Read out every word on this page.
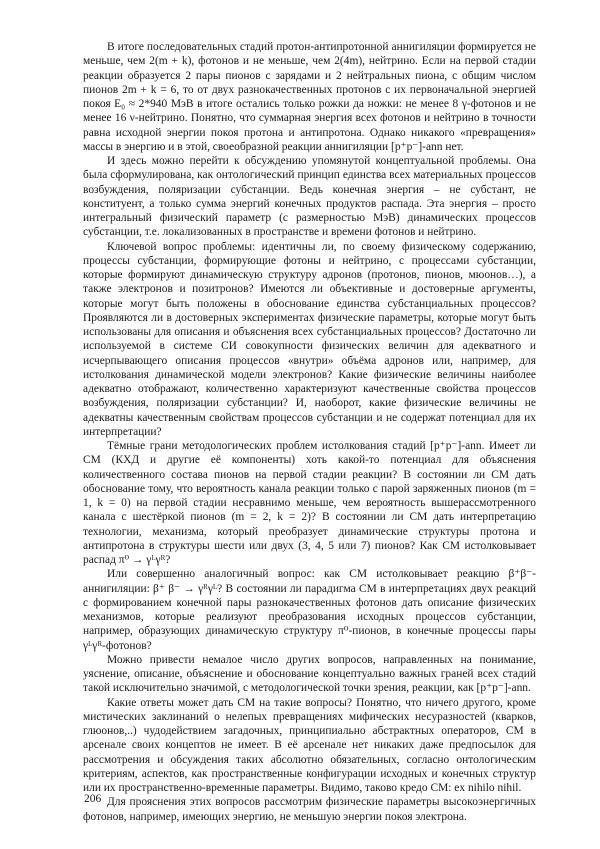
В итоге последовательных стадий протон-антипротонной аннигиляции формируется не меньше, чем 2(m + k), фотонов и не меньше, чем 2(4m), нейтрино. Если на первой стадии реакции образуется 2 пары пионов с зарядами и 2 нейтральных пиона, с общим числом пионов 2m + k = 6, то от двух разнокачественных протонов с их первоначальной энергией покоя E₀ ≈ 2*940 МэВ в итоге остались только рожки да ножки: не менее 8 γ-фотонов и не менее 16 ν-нейтрино. Понятно, что суммарная энергия всех фотонов и нейтрино в точности равна исходной энергии покоя протона и антипротона. Однако никакого «превращения» массы в энергию и в этой, своеобразной реакции аннигиляции [p⁺p⁻]-ann нет.

И здесь можно перейти к обсуждению упомянутой концептуальной проблемы. Она была сформулирована, как онтологический принцип единства всех материальных процессов возбуждения, поляризации субстанции. Ведь конечная энергия – не субстант, не конституент, а только сумма энергий конечных продуктов распада. Эта энергия – просто интегральный физический параметр (с размерностью МэВ) динамических процессов субстанции, т.е. локализованных в пространстве и времени фотонов и нейтрино.

Ключевой вопрос проблемы: идентичны ли, по своему физическому содержанию, процессы субстанции, формирующие фотоны и нейтрино, с процессами субстанции, которые формируют динамическую структуру адронов (протонов, пионов, мюонов…), а также электронов и позитронов? Имеются ли объективные и достоверные аргументы, которые могут быть положены в обоснование единства субстанциальных процессов? Проявляются ли в достоверных экспериментах физические параметры, которые могут быть использованы для описания и объяснения всех субстанциальных процессов? Достаточно ли используемой в системе СИ совокупности физических величин для адекватного и исчерпывающего описания процессов «внутри» объёма адронов или, например, для истолкования динамической модели электронов? Какие физические величины наиболее адекватно отображают, количественно характеризуют качественные свойства процессов возбуждения, поляризации субстанции? И, наоборот, какие физические величины не адекватны качественным свойствам процессов субстанции и не содержат потенциал для их интерпретации?

Тёмные грани методологических проблем истолкования стадий [p⁺p⁻]-ann. Имеет ли СМ (КХД и другие её компоненты) хоть какой-то потенциал для объяснения количественного состава пионов на первой стадии реакции? В состоянии ли СМ дать обоснование тому, что вероятность канала реакции только с парой заряженных пионов (m = 1, k = 0) на первой стадии несравнимо меньше, чем вероятность вышерассмотренного канала с шестёркой пионов (m = 2, k = 2)? В состоянии ли СМ дать интерпретацию технологии, механизма, который преобразует динамические структуры протона и антипротона в структуры шести или двух (3, 4, 5 или 7) пионов? Как СМ истолковывает распад π⁰ → γᴸγᴿ?

Или совершенно аналогичный вопрос: как СМ истолковывает реакцию β⁺β⁻-аннигиляции: β⁺ β⁻ → γᴿγᴸ? В состоянии ли парадигма СМ в интерпретациях двух реакций с формированием конечной пары разнокачественных фотонов дать описание физических механизмов, которые реализуют преобразования исходных процессов субстанции, например, образующих динамическую структуру π⁰-пионов, в конечные процессы пары γᴸγᴿ-фотонов?

Можно привести немалое число других вопросов, направленных на понимание, уяснение, описание, объяснение и обоснование концептуально важных граней всех стадий такой исключительно значимой, с методологической точки зрения, реакции, как [p⁺p⁻]-ann.

Какие ответы может дать СМ на такие вопросы? Понятно, что ничего другого, кроме мистических заклинаний о нелепых превращениях мифических несуразностей (кварков, глюонов,..) чудодействием загадочных, принципиально абстрактных операторов, СМ в арсенале своих концептов не имеет. В её арсенале нет никаких даже предпосылок для рассмотрения и обсуждения таких абсолютно обязательных, согласно онтологическим критериям, аспектов, как пространственные конфигурации исходных и конечных структур или их пространственно-временные параметры. Видимо, таково кредо СМ: ex nihilo nihil.

Для прояснения этих вопросов рассмотрим физические параметры высокоэнергичных фотонов, например, имеющих энергию, не меньшую энергии покоя электрона.

206
